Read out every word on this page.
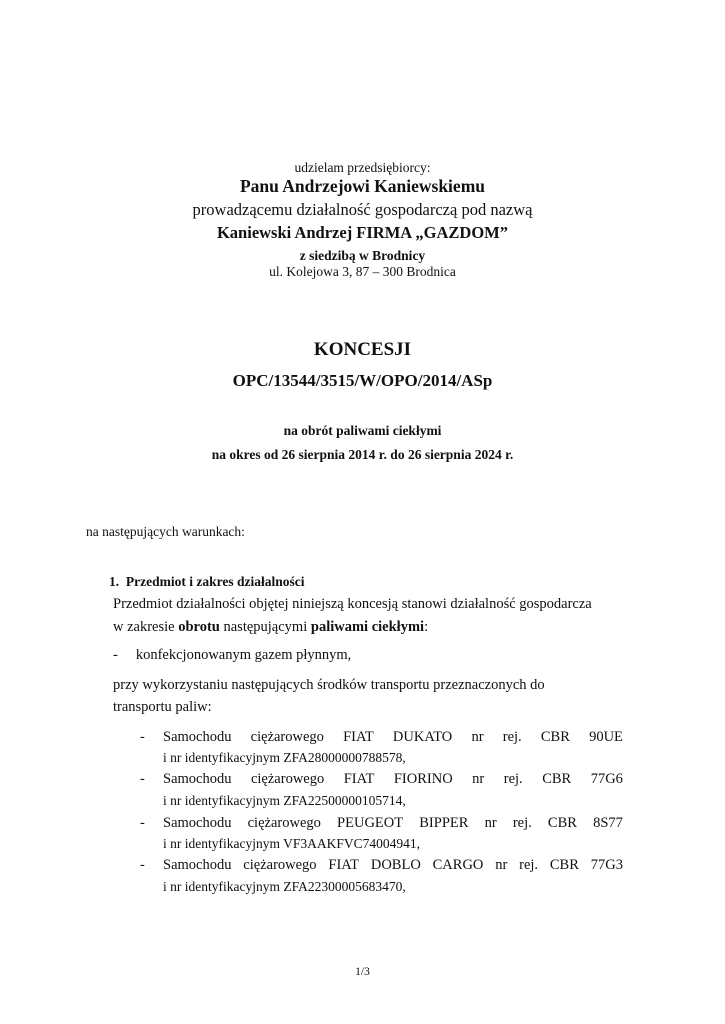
udzielam przedsiębiorcy:
Panu Andrzejowi Kaniewskiemu
prowadzącemu działalność gospodarczą pod nazwą
Kaniewski Andrzej FIRMA „GAZDOM”
z siedzibą w Brodnicy
ul. Kolejowa 3, 87 – 300 Brodnica
KONCESJI
OPC/13544/3515/W/OPO/2014/ASp
na obrót paliwami ciekłymi
na okres od 26 sierpnia 2014 r. do 26 sierpnia 2024 r.
na następujących warunkach:
1. Przedmiot i zakres działalności
Przedmiot działalności objętej niniejszą koncesją stanowi działalność gospodarcza
w zakresie obrotu następującymi paliwami ciekłymi:
- konfekcjonowanym gazem płynnym,
przy wykorzystaniu następujących środków transportu przeznaczonych do
transportu paliw:
- Samochodu ciężarowego FIAT DUKATO nr rej. CBR 90UE
i nr identyfikacyjnym ZFA28000000788578,
- Samochodu ciężarowego FIAT FIORINO nr rej. CBR 77G6
i nr identyfikacyjnym ZFA22500000105714,
- Samochodu ciężarowego PEUGEOT BIPPER nr rej. CBR 8S77
i nr identyfikacyjnym VF3AAKFVC74004941,
- Samochodu ciężarowego FIAT DOBLO CARGO nr rej. CBR 77G3
i nr identyfikacyjnym ZFA22300005683470,
1/3
